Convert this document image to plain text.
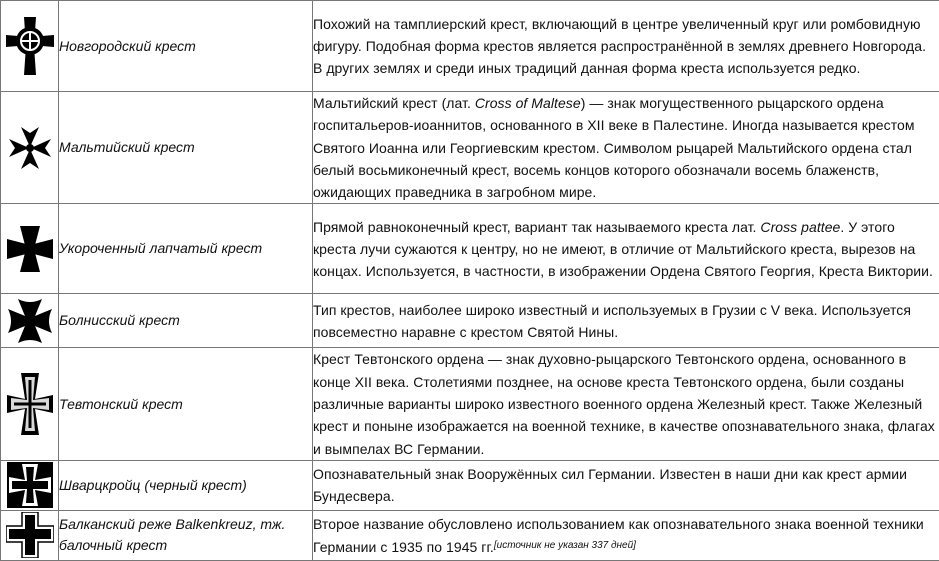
	Новгородский крест	Похожий на тамплиерский крест, включающий в центре увеличенный круг или ромбовидную фигуру. Подобная форма крестов является распространённой в землях древнего Новгорода. В других землях и среди иных традиций данная форма креста используется редко.

	Мальтийский крест	Мальтийский крест (лат. Cross of Maltese) — знак могущественного рыцарского ордена госпитальеров-иоаннитов, основанного в XII веке в Палестине. Иногда называется крестом Святого Иоанна или Георгиевским крестом. Символом рыцарей Мальтийского ордена стал белый восьмиконечный крест, восемь концов которого обозначали восемь блаженств, ожидающих праведника в загробном мире.

	Укороченный лапчатый крест	Прямой равноконечный крест, вариант так называемого креста лат. Cross pattee. У этого креста лучи сужаются к центру, но не имеют, в отличие от Мальтийского креста, вырезов на концах. Используется, в частности, в изображении Ордена Святого Георгия, Креста Виктории.

	Болнисский крест	Тип крестов, наиболее широко известный и используемых в Грузии с V века. Используется повсеместно наравне с крестом Святой Нины.

	Тевтонский крест	Крест Тевтонского ордена — знак духовно-рыцарского Тевтонского ордена, основанного в конце XII века. Столетиями позднее, на основе креста Тевтонского ордена, были созданы различные варианты широко известного военного ордена Железный крест. Также Железный крест и поныне изображается на военной технике, в качестве опознавательного знака, флагах и вымпелах ВС Германии.

	Шварцкройц (черный крест)	Опознавательный знак Вооружённых сил Германии. Известен в наши дни как крест армии Бундесвера.

	Балканский реже Balkenkreuz, тж. балочный крест	Второе название обусловлено использованием как опознавательного знака военной техники Германии с 1935 по 1945 гг.[источник не указан 337 дней]
